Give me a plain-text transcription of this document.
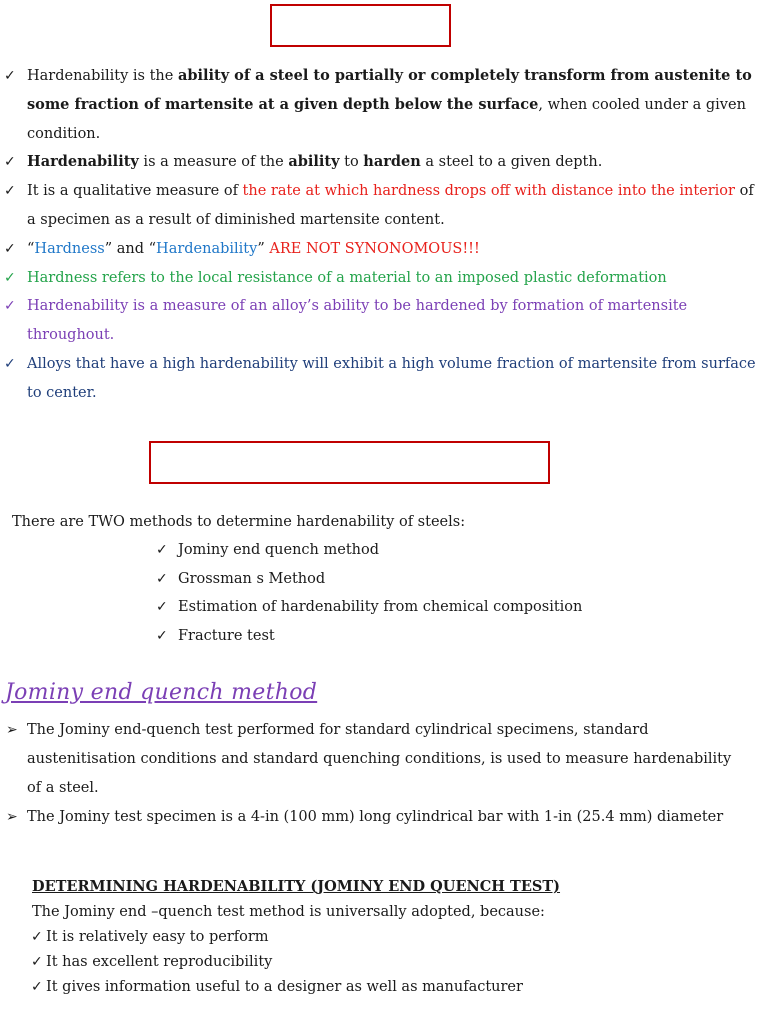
✓ Hardenability is the ability of a steel to partially or completely transform from austenite to some fraction of martensite at a given depth below the surface, when cooled under a given condition.
✓ Hardenability is a measure of the ability to harden a steel to a given depth.
✓ It is a qualitative measure of the rate at which hardness drops off with distance into the interior of a specimen as a result of diminished martensite content.
✓ “Hardness” and “Hardenability” ARE NOT SYNONOMOUS!!!
✓ Hardness refers to the local resistance of a material to an imposed plastic deformation
✓ Hardenability is a measure of an alloy’s ability to be hardened by formation of martensite throughout.
✓ Alloys that have a high hardenability will exhibit a high volume fraction of martensite from surface to center.
There are TWO methods to determine hardenability of steels:
✓ Jominy end quench method
✓ Grossman s Method
✓ Estimation of hardenability from chemical composition
✓ Fracture test
Jominy end quench method
➢ The Jominy end-quench test performed for standard cylindrical specimens, standard austenitisation conditions and standard quenching conditions, is used to measure hardenability of a steel.
➢ The Jominy test specimen is a 4-in (100 mm) long cylindrical bar with 1-in (25.4 mm) diameter
DETERMINING HARDENABILITY (JOMINY END QUENCH TEST)
The Jominy end –quench test method is universally adopted, because:
✓ It is relatively easy to perform
✓ It has excellent reproducibility
✓ It gives information useful to a designer as well as manufacturer
